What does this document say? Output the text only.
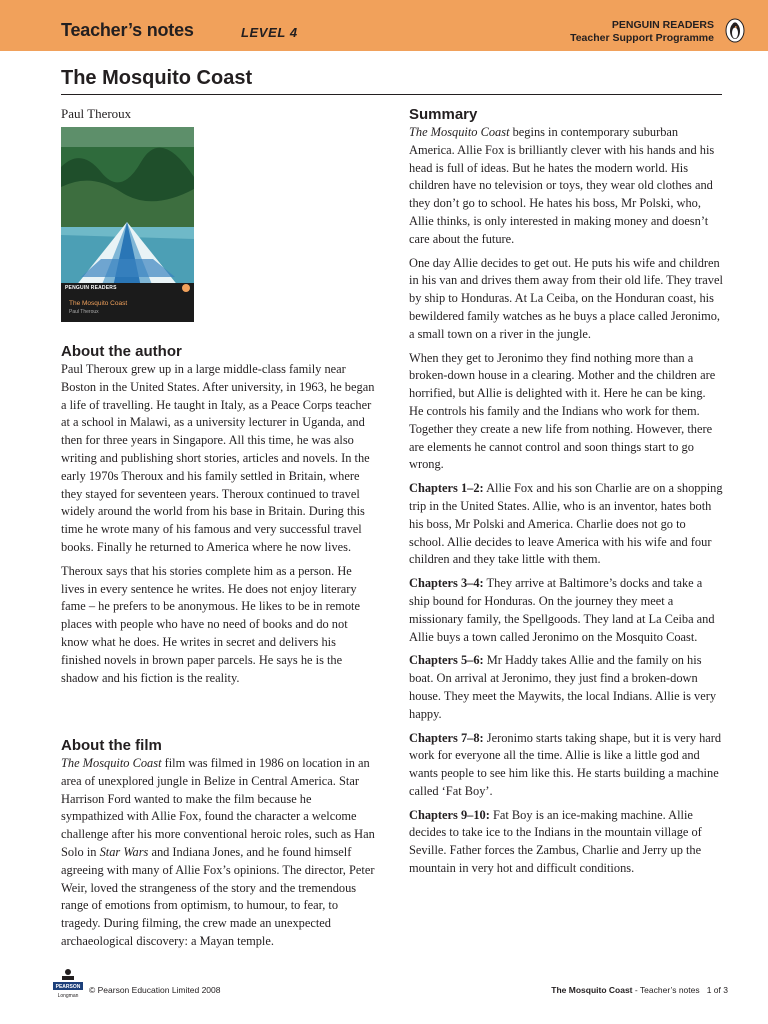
Teacher’s notes	LEVEL 4	PENGUIN READERS
Teacher Support Programme
The Mosquito Coast
Paul Theroux
PENGUIN READERS
The Mosquito Coast
Paul Theroux
About the author

Paul Theroux grew up in a large middle-class family near Boston in the United States. After university, in 1963, he began a life of travelling. He taught in Italy, as a Peace Corps teacher at a school in Malawi, as a university lecturer in Uganda, and then for three years in Singapore. All this time, he was also writing and publishing short stories, articles and novels. In the early 1970s Theroux and his family settled in Britain, where they stayed for seventeen years. Theroux continued to travel widely around the world from his base in Britain. During this time he wrote many of his famous and very successful travel books. Finally he returned to America where he now lives.

Theroux says that his stories complete him as a person. He lives in every sentence he writes. He does not enjoy literary fame – he prefers to be anonymous. He likes to be in remote places with people who have no need of books and do not know what he does. He writes in secret and delivers his finished novels in brown paper parcels. He says he is the shadow and his fiction is the reality.

About the film

The Mosquito Coast film was filmed in 1986 on location in an area of unexplored jungle in Belize in Central America. Star Harrison Ford wanted to make the film because he sympathized with Allie Fox, found the character a welcome challenge after his more conventional heroic roles, such as Han Solo in Star Wars and Indiana Jones, and he found himself agreeing with many of Allie Fox’s opinions. The director, Peter Weir, loved the strangeness of the story and the tremendous range of emotions from optimism, to humour, to fear, to tragedy. During filming, the crew made an unexpected archaeological discovery: a Mayan temple.

Summary

The Mosquito Coast begins in contemporary suburban America. Allie Fox is brilliantly clever with his hands and his head is full of ideas. But he hates the modern world. His children have no television or toys, they wear old clothes and they don’t go to school. He hates his boss, Mr Polski, who, Allie thinks, is only interested in making money and doesn’t care about the future.

One day Allie decides to get out. He puts his wife and children in his van and drives them away from their old life. They travel by ship to Honduras. At La Ceiba, on the Honduran coast, his bewildered family watches as he buys a place called Jeronimo, a small town on a river in the jungle.

When they get to Jeronimo they find nothing more than a broken-down house in a clearing. Mother and the children are horrified, but Allie is delighted with it. Here he can be king. He controls his family and the Indians who work for them. Together they create a new life from nothing. However, there are elements he cannot control and soon things start to go wrong.

Chapters 1–2: Allie Fox and his son Charlie are on a shopping trip in the United States. Allie, who is an inventor, hates both his boss, Mr Polski and America. Charlie does not go to school. Allie decides to leave America with his wife and four children and they take little with them.

Chapters 3–4: They arrive at Baltimore’s docks and take a ship bound for Honduras. On the journey they meet a missionary family, the Spellgoods. They land at La Ceiba and Allie buys a town called Jeronimo on the Mosquito Coast.

Chapters 5–6: Mr Haddy takes Allie and the family on his boat. On arrival at Jeronimo, they just find a broken-down house. They meet the Maywits, the local Indians. Allie is very happy.

Chapters 7–8: Jeronimo starts taking shape, but it is very hard work for everyone all the time. Allie is like a little god and wants people to see him like this. He starts building a machine called ‘Fat Boy’.

Chapters 9–10: Fat Boy is an ice-making machine. Allie decides to take ice to the Indians in the mountain village of Seville. Father forces the Zambus, Charlie and Jerry up the mountain in very hot and difficult conditions.

PEARSON
Longman
© Pearson Education Limited 2008	The Mosquito Coast - Teacher’s notes 1 of 3
